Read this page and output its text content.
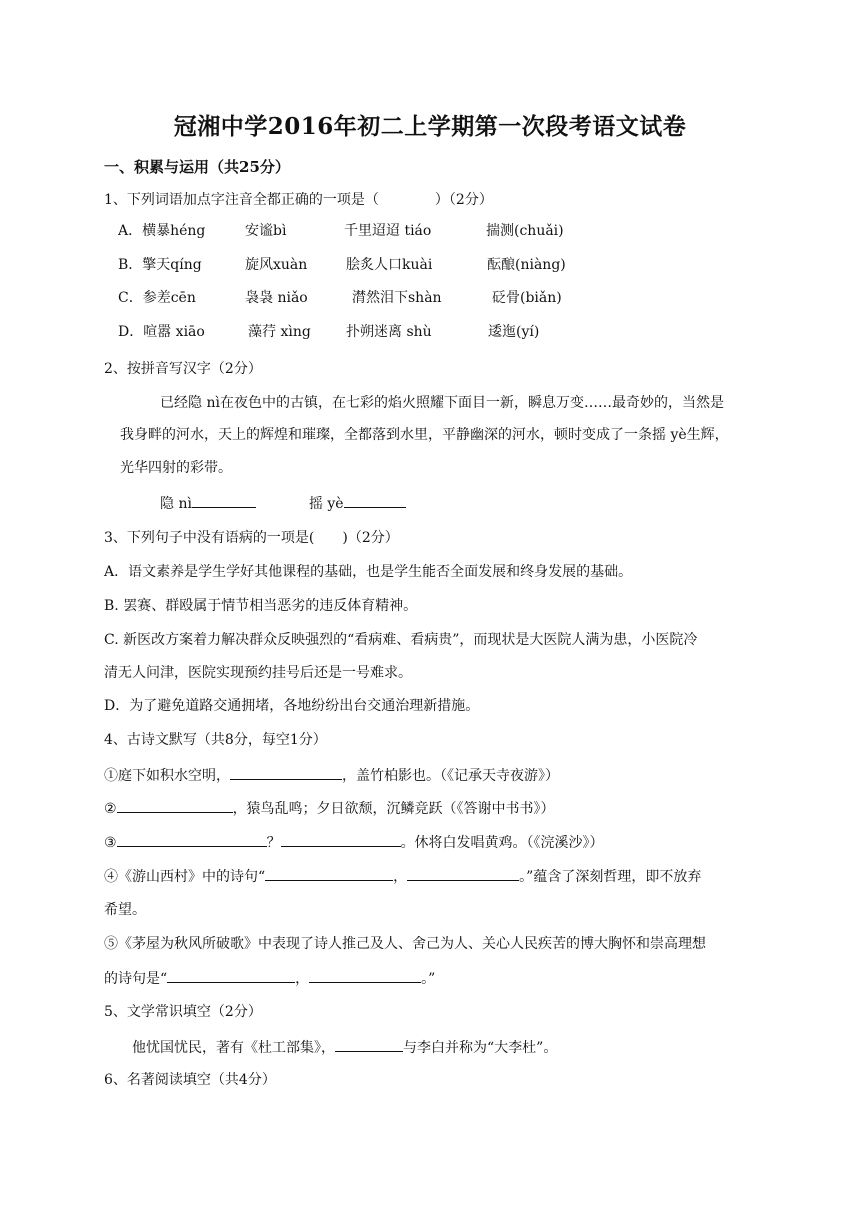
冠湘中学2016年初二上学期第一次段考语文试卷
一、积累与运用（共25分）
1、下列词语加点字注音全都正确的一项是（　　　　）（2分）
A．横暴héng	安谧bì	千里迢迢 tiáo	揣测(chuǎi)
B．擎天qíng	旋风xuàn	脍炙人口kuài	酝酿(niàng)
C．参差cēn	袅袅 niǎo	潸然泪下shàn	砭骨(biǎn)
D．喧嚣 xiāo	藻荇 xìng	扑朔迷离 shù	逶迤(yí)
2、按拼音写汉字（2分）
已经隐 nì在夜色中的古镇，在七彩的焰火照耀下面目一新，瞬息万变……最奇妙的，当然是
我身畔的河水，天上的辉煌和璀璨，全都落到水里，平静幽深的河水，顿时变成了一条摇 yè生辉，
光华四射的彩带。
隐 nì	摇 yè
3、下列句子中没有语病的一项是(　　)（2分）
A．语文素养是学生学好其他课程的基础，也是学生能否全面发展和终身发展的基础。
B. 罢赛、群殴属于情节相当恶劣的违反体育精神。
C. 新医改方案着力解决群众反映强烈的“看病难、看病贵”，而现状是大医院人满为患，小医院冷
清无人问津，医院实现预约挂号后还是一号难求。
D．为了避免道路交通拥堵，各地纷纷出台交通治理新措施。
4、古诗文默写（共8分，每空1分）
①庭下如积水空明，	，盖竹柏影也。（《记承天寺夜游》）
②	，猿鸟乱鸣；夕日欲颓，沉鳞竞跃（《答谢中书书》）
③	？	。休将白发唱黄鸡。（《浣溪沙》）
④《游山西村》中的诗句“	，	。”蕴含了深刻哲理，即不放弃
希望。
⑤《茅屋为秋风所破歌》中表现了诗人推己及人、舍己为人、关心人民疾苦的博大胸怀和崇高理想
的诗句是“	，	。”
5、文学常识填空（2分）
他忧国忧民，著有《杜工部集》，	与李白并称为“大李杜”。
6、名著阅读填空（共4分）
